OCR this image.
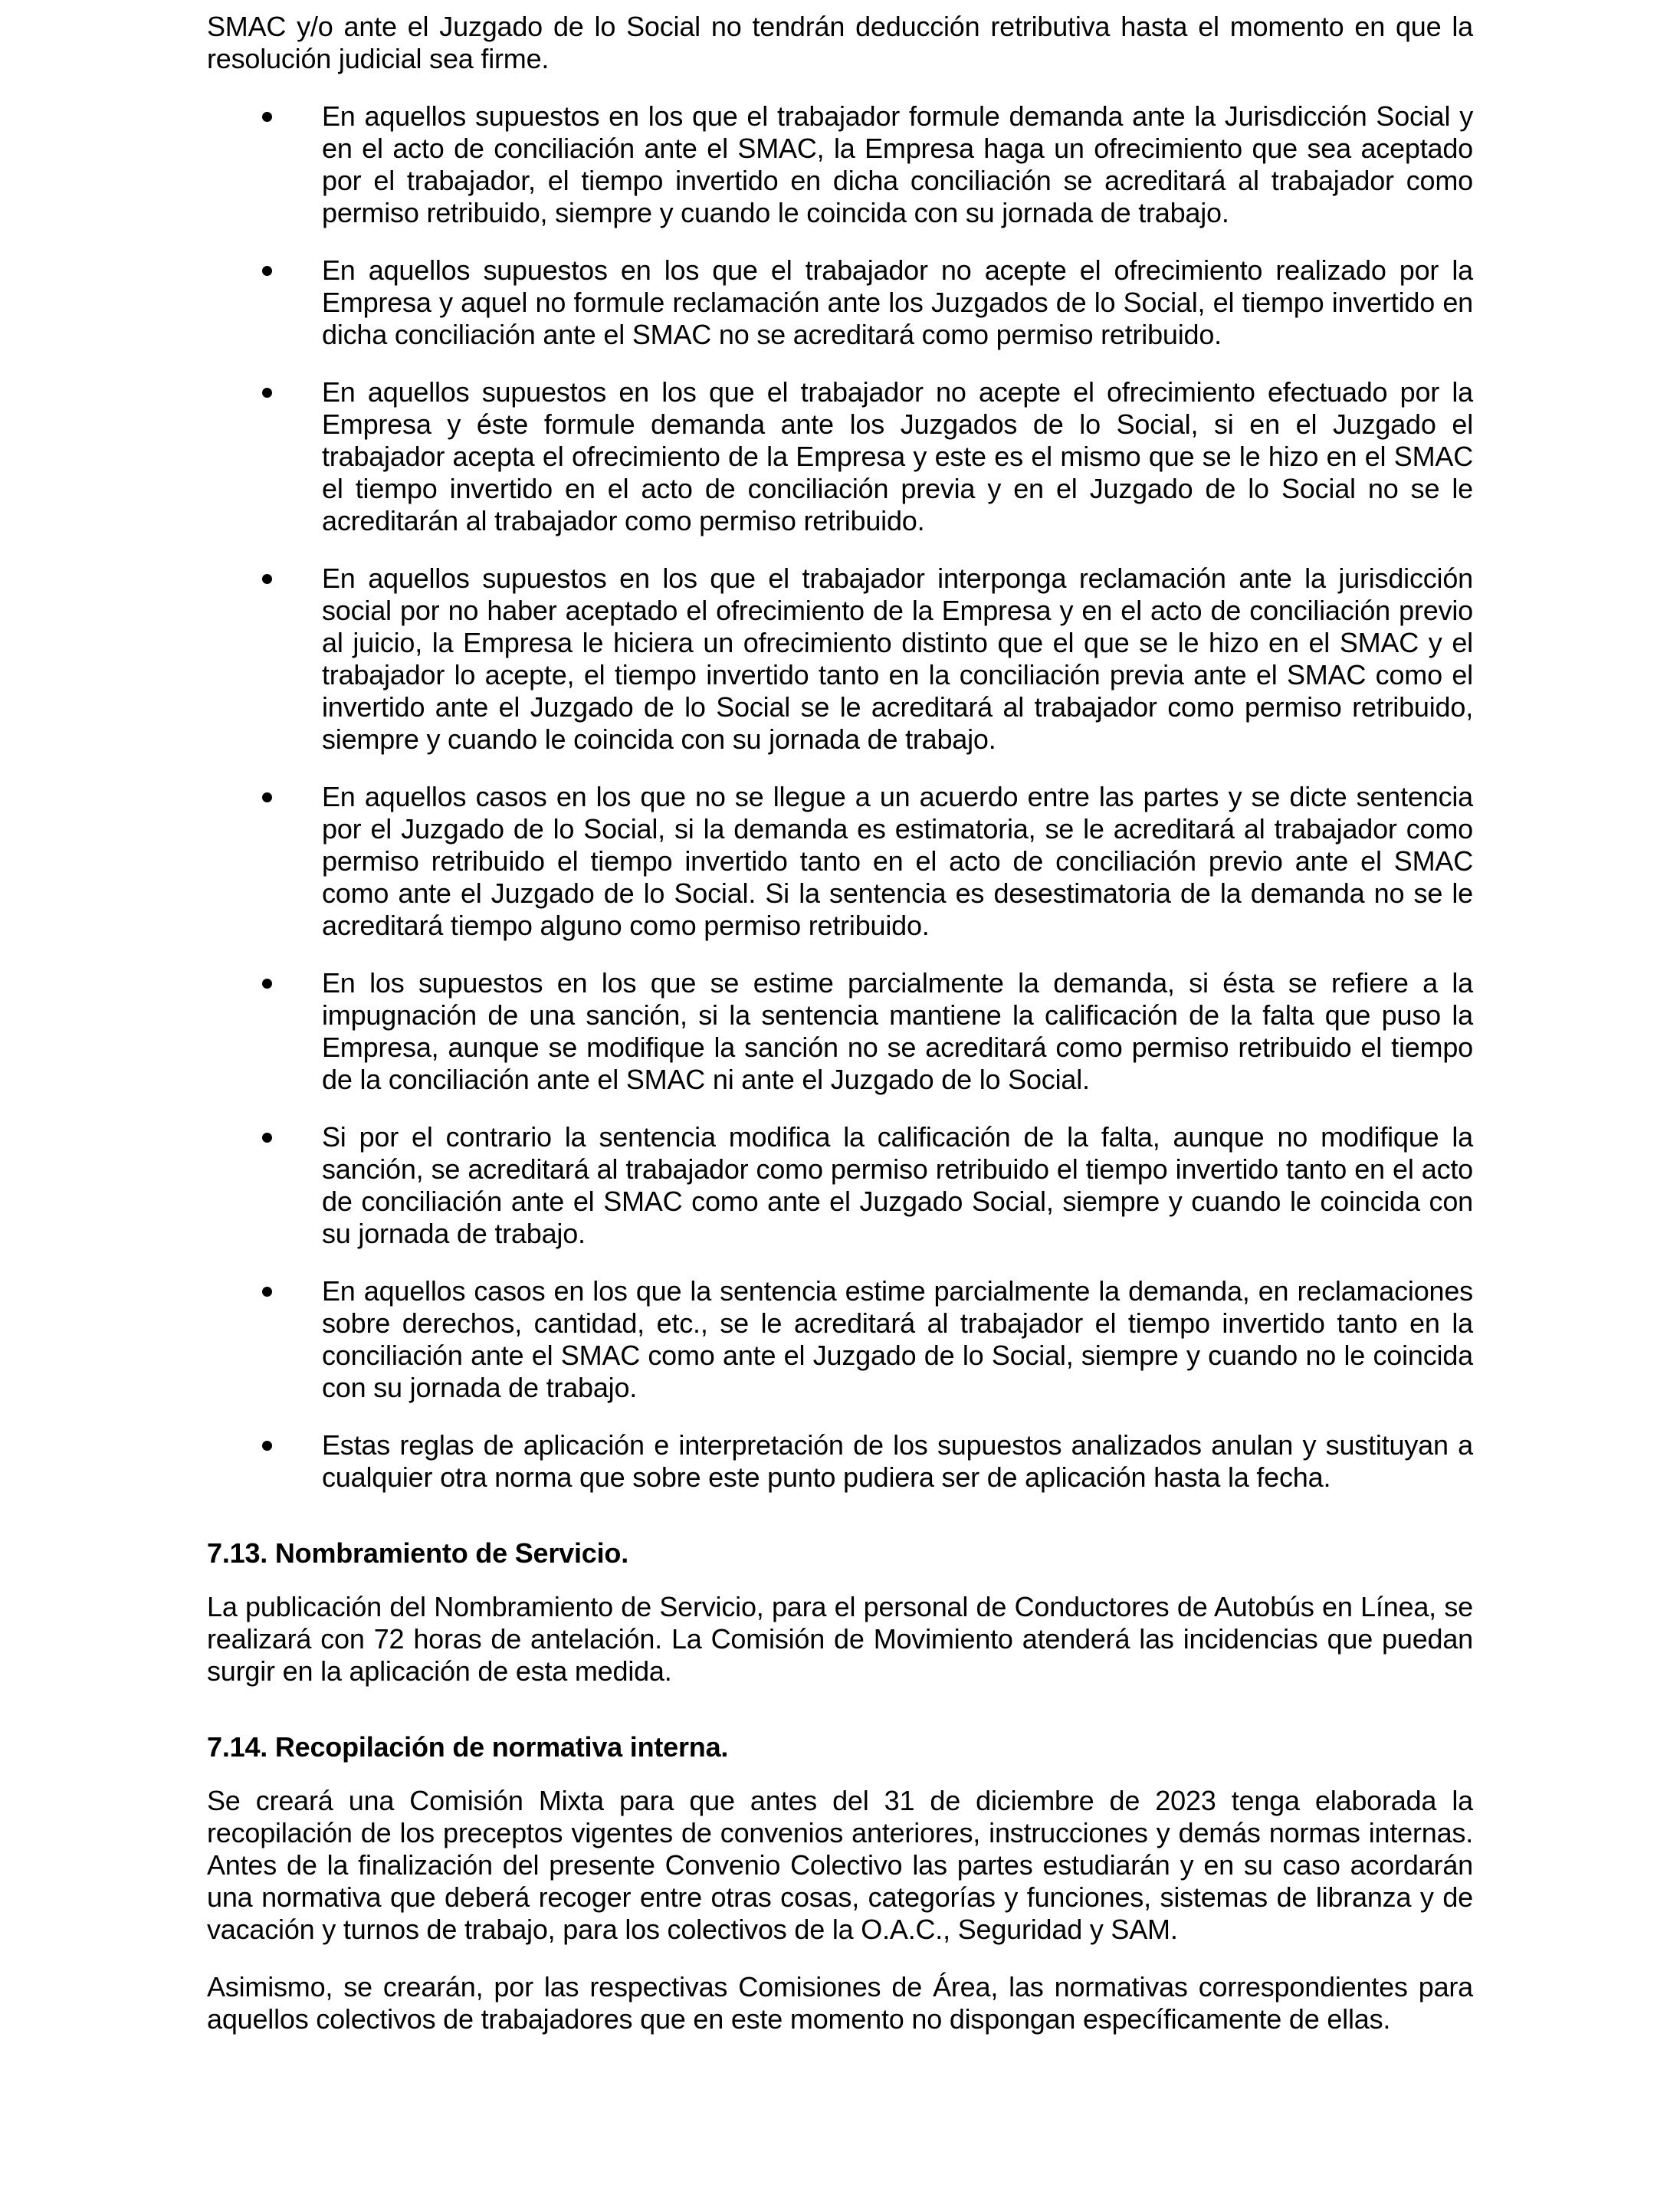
SMAC y/o ante el Juzgado de lo Social no tendrán deducción retributiva hasta el momento en que la resolución judicial sea firme.

En aquellos supuestos en los que el trabajador formule demanda ante la Jurisdicción Social y en el acto de conciliación ante el SMAC, la Empresa haga un ofrecimiento que sea aceptado por el trabajador, el tiempo invertido en dicha conciliación se acreditará al trabajador como permiso retribuido, siempre y cuando le coincida con su jornada de trabajo.
En aquellos supuestos en los que el trabajador no acepte el ofrecimiento realizado por la Empresa y aquel no formule reclamación ante los Juzgados de lo Social, el tiempo invertido en dicha conciliación ante el SMAC no se acreditará como permiso retribuido.
En aquellos supuestos en los que el trabajador no acepte el ofrecimiento efectuado por la Empresa y éste formule demanda ante los Juzgados de lo Social, si en el Juzgado el trabajador acepta el ofrecimiento de la Empresa y este es el mismo que se le hizo en el SMAC el tiempo invertido en el acto de conciliación previa y en el Juzgado de lo Social no se le acreditarán al trabajador como permiso retribuido.
En aquellos supuestos en los que el trabajador interponga reclamación ante la jurisdicción social por no haber aceptado el ofrecimiento de la Empresa y en el acto de conciliación previo al juicio, la Empresa le hiciera un ofrecimiento distinto que el que se le hizo en el SMAC y el trabajador lo acepte, el tiempo invertido tanto en la conciliación previa ante el SMAC como el invertido ante el Juzgado de lo Social se le acreditará al trabajador como permiso retribuido, siempre y cuando le coincida con su jornada de trabajo.
En aquellos casos en los que no se llegue a un acuerdo entre las partes y se dicte sentencia por el Juzgado de lo Social, si la demanda es estimatoria, se le acreditará al trabajador como permiso retribuido el tiempo invertido tanto en el acto de conciliación previo ante el SMAC como ante el Juzgado de lo Social. Si la sentencia es desestimatoria de la demanda no se le acreditará tiempo alguno como permiso retribuido.
En los supuestos en los que se estime parcialmente la demanda, si ésta se refiere a la impugnación de una sanción, si la sentencia mantiene la calificación de la falta que puso la Empresa, aunque se modifique la sanción no se acreditará como permiso retribuido el tiempo de la conciliación ante el SMAC ni ante el Juzgado de lo Social.
Si por el contrario la sentencia modifica la calificación de la falta, aunque no modifique la sanción, se acreditará al trabajador como permiso retribuido el tiempo invertido tanto en el acto de conciliación ante el SMAC como ante el Juzgado Social, siempre y cuando le coincida con su jornada de trabajo.
En aquellos casos en los que la sentencia estime parcialmente la demanda, en reclamaciones sobre derechos, cantidad, etc., se le acreditará al trabajador el tiempo invertido tanto en la conciliación ante el SMAC como ante el Juzgado de lo Social, siempre y cuando no le coincida con su jornada de trabajo.
Estas reglas de aplicación e interpretación de los supuestos analizados anulan y sustituyan a cualquier otra norma que sobre este punto pudiera ser de aplicación hasta la fecha.
7.13. Nombramiento de Servicio.

La publicación del Nombramiento de Servicio, para el personal de Conductores de Autobús en Línea, se realizará con 72 horas de antelación. La Comisión de Movimiento atenderá las incidencias que puedan surgir en la aplicación de esta medida.

7.14. Recopilación de normativa interna.

Se creará una Comisión Mixta para que antes del 31 de diciembre de 2023 tenga elaborada la recopilación de los preceptos vigentes de convenios anteriores, instrucciones y demás normas internas. Antes de la finalización del presente Convenio Colectivo las partes estudiarán y en su caso acordarán una normativa que deberá recoger entre otras cosas, categorías y funciones, sistemas de libranza y de vacación y turnos de trabajo, para los colectivos de la O.A.C., Seguridad y SAM.

Asimismo, se crearán, por las respectivas Comisiones de Área, las normativas correspondientes para aquellos colectivos de trabajadores que en este momento no dispongan específicamente de ellas.
